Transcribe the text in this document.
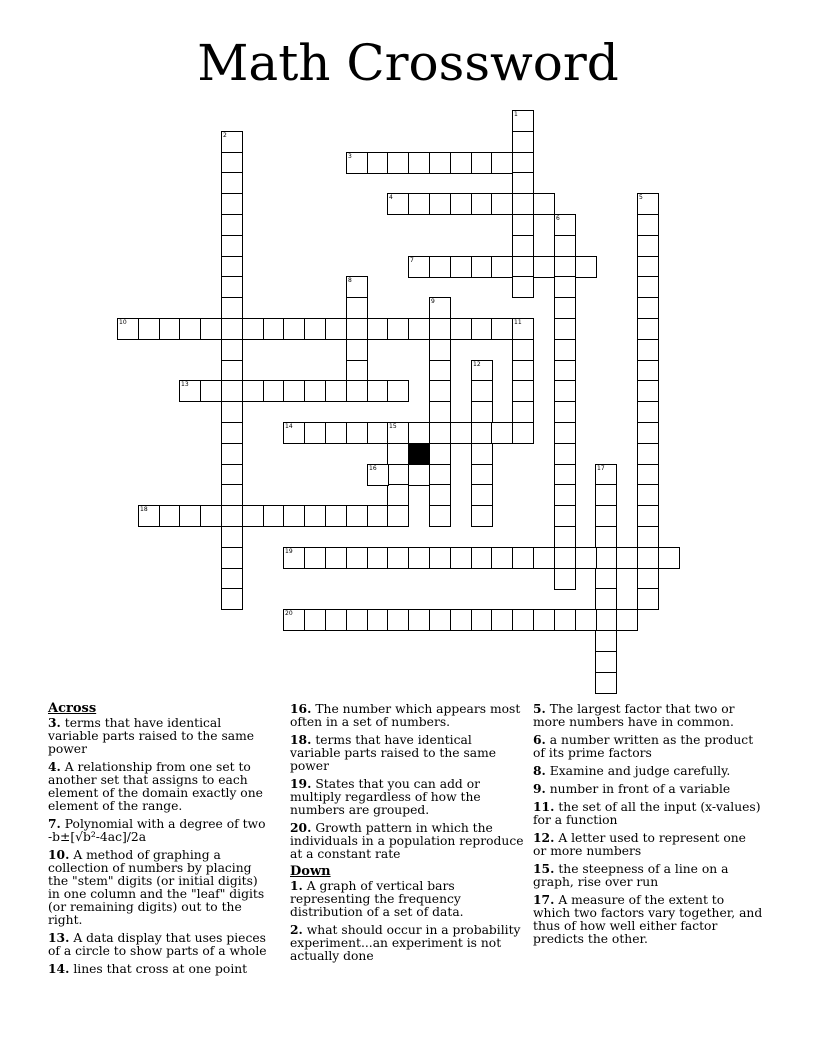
Math Crossword
1
2
3
4	5
6
7
8
9
10	11
12
13
14	15
16	17
18
19
20
Across
3. terms that have identical variable parts raised to the same power
4. A relationship from one set to another set that assigns to each element of the domain exactly one element of the range.
7. Polynomial with a degree of two -b±[√b²-4ac]/2a
10. A method of graphing a collection of numbers by placing the "stem" digits (or initial digits) in one column and the "leaf" digits (or remaining digits) out to the right.
13. A data display that uses pieces of a circle to show parts of a whole
14. lines that cross at one point
16. The number which appears most often in a set of numbers.
18. terms that have identical variable parts raised to the same power
19. States that you can add or multiply regardless of how the numbers are grouped.
20. Growth pattern in which the individuals in a population reproduce at a constant rate
Down
1. A graph of vertical bars representing the frequency distribution of a set of data.
2. what should occur in a probability experiment...an experiment is not actually done
5. The largest factor that two or more numbers have in common.
6. a number written as the product of its prime factors
8. Examine and judge carefully.
9. number in front of a variable
11. the set of all the input (x-values) for a function
12. A letter used to represent one or more numbers
15. the steepness of a line on a graph, rise over run
17. A measure of the extent to which two factors vary together, and thus of how well either factor predicts the other.
